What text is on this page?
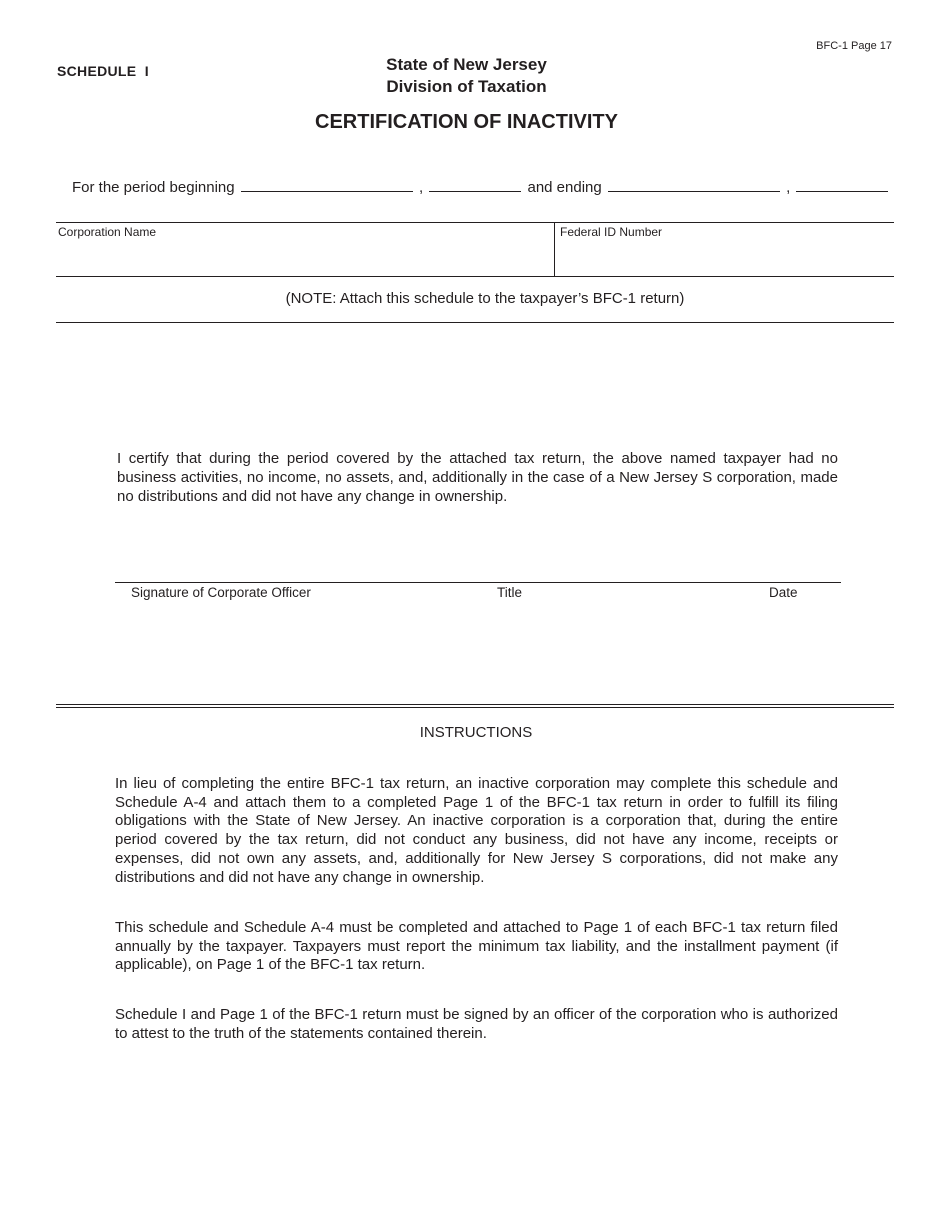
BFC-1 Page 17
SCHEDULE  I	State of New Jersey
Division of Taxation
CERTIFICATION OF INACTIVITY
For the period beginning	,	and ending	,
Corporation Name	Federal ID Number
(NOTE: Attach this schedule to the taxpayer’s BFC-1 return)
I certify that during the period covered by the attached tax return, the above named taxpayer had no business activities, no income, no assets, and, additionally in the case of a New Jersey S corporation, made no distributions and did not have any change in ownership.
Signature of Corporate Officer	Title	Date
INSTRUCTIONS
In lieu of completing the entire BFC-1 tax return, an inactive corporation may complete this schedule and Schedule A-4 and attach them to a completed Page 1 of the BFC-1 tax return in order to fulfill its filing obligations with the State of New Jersey. An inactive corporation is a corporation that, during the entire period covered by the tax return, did not conduct any business, did not have any income, receipts or expenses, did not own any assets, and, additionally for New Jersey S corporations, did not make any distributions and did not have any change in ownership.
This schedule and Schedule A-4 must be completed and attached to Page 1 of each BFC-1 tax return filed annually by the taxpayer. Taxpayers must report the minimum tax liability, and the installment payment (if applicable), on Page 1 of the BFC-1 tax return.
Schedule I and Page 1 of the BFC-1 return must be signed by an officer of the corporation who is authorized to attest to the truth of the statements contained therein.
